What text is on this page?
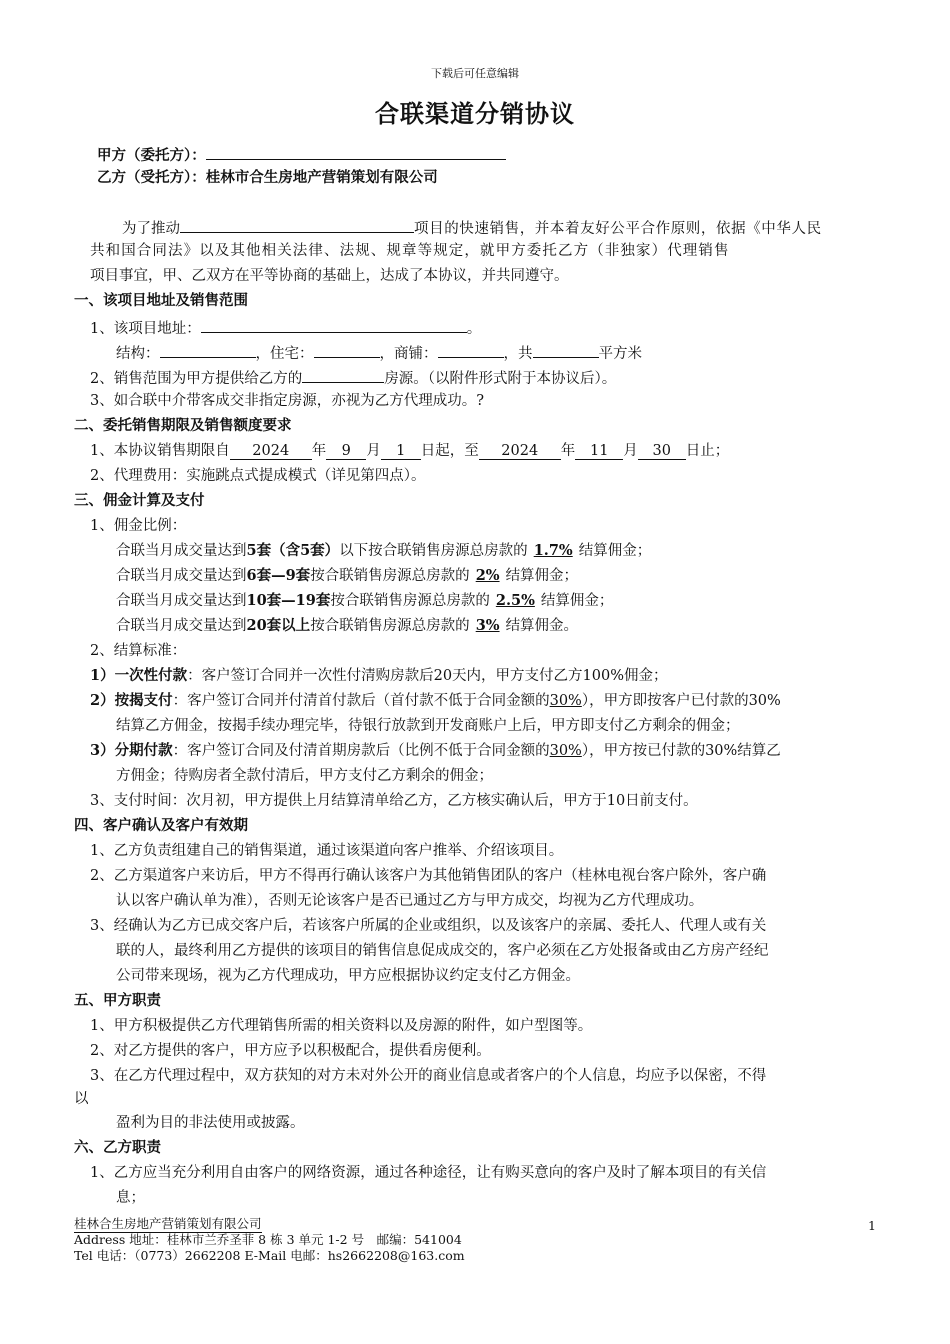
下载后可任意编辑
合联渠道分销协议
甲方（委托方）：
乙方（受托方）：桂林市合生房地产营销策划有限公司
为了推动	项目的快速销售，并本着友好公平合作原则，依据《中华人民
共和国合同法》以及其他相关法律、法规、规章等规定，就甲方委托乙方（非独家）代理销售
项目事宜，甲、乙双方在平等协商的基础上，达成了本协议，并共同遵守。
一、该项目地址及销售范围
1、该项目地址：	。
结构：	，住宅：	，商铺：	，共	平方米
2、销售范围为甲方提供给乙方的	房源。（以附件形式附于本协议后）。
3、如合联中介带客成交非指定房源，亦视为乙方代理成功。?
二、委托销售期限及销售额度要求
1、本协议销售期限自 2024 年 9 月 1 日起，至 2024 年 11 月 30 日止；
2、代理费用：实施跳点式提成模式（详见第四点）。
三、佣金计算及支付
1、佣金比例：
合联当月成交量达到5套（含5套）以下按合联销售房源总房款的 1.7% 结算佣金；
合联当月成交量达到6套—9套按合联销售房源总房款的 2% 结算佣金；
合联当月成交量达到10套—19套按合联销售房源总房款的 2.5% 结算佣金；
合联当月成交量达到20套以上按合联销售房源总房款的 3% 结算佣金。
2、结算标准：
1）一次性付款：客户签订合同并一次性付清购房款后20天内，甲方支付乙方100%佣金；
2）按揭支付：客户签订合同并付清首付款后（首付款不低于合同金额的30%），甲方即按客户已付款的30%
结算乙方佣金，按揭手续办理完毕，待银行放款到开发商账户上后，甲方即支付乙方剩余的佣金；
3）分期付款：客户签订合同及付清首期房款后（比例不低于合同金额的30%），甲方按已付款的30%结算乙
方佣金；待购房者全款付清后，甲方支付乙方剩余的佣金；
3、支付时间：次月初，甲方提供上月结算清单给乙方，乙方核实确认后，甲方于10日前支付。
四、客户确认及客户有效期
1、乙方负责组建自己的销售渠道，通过该渠道向客户推举、介绍该项目。
2、乙方渠道客户来访后，甲方不得再行确认该客户为其他销售团队的客户（桂林电视台客户除外，客户确
认以客户确认单为准），否则无论该客户是否已通过乙方与甲方成交，均视为乙方代理成功。
3、经确认为乙方已成交客户后，若该客户所属的企业或组织，以及该客户的亲属、委托人、代理人或有关
联的人，最终利用乙方提供的该项目的销售信息促成成交的，客户必须在乙方处报备或由乙方房产经纪
公司带来现场，视为乙方代理成功，甲方应根据协议约定支付乙方佣金。
五、甲方职责
1、甲方积极提供乙方代理销售所需的相关资料以及房源的附件，如户型图等。
2、对乙方提供的客户，甲方应予以积极配合，提供看房便利。
3、在乙方代理过程中，双方获知的对方未对外公开的商业信息或者客户的个人信息，均应予以保密，不得
以
盈利为目的非法使用或披露。
六、乙方职责
1、乙方应当充分利用自由客户的网络资源，通过各种途径，让有购买意向的客户及时了解本项目的有关信
息；
桂林合生房地产营销策划有限公司	1
Address 地址：桂林市兰乔圣菲 8 栋 3 单元 1-2 号　邮编：541004
Tel 电话：（0773）2662208 E-Mail 电邮：hs2662208@163.com
